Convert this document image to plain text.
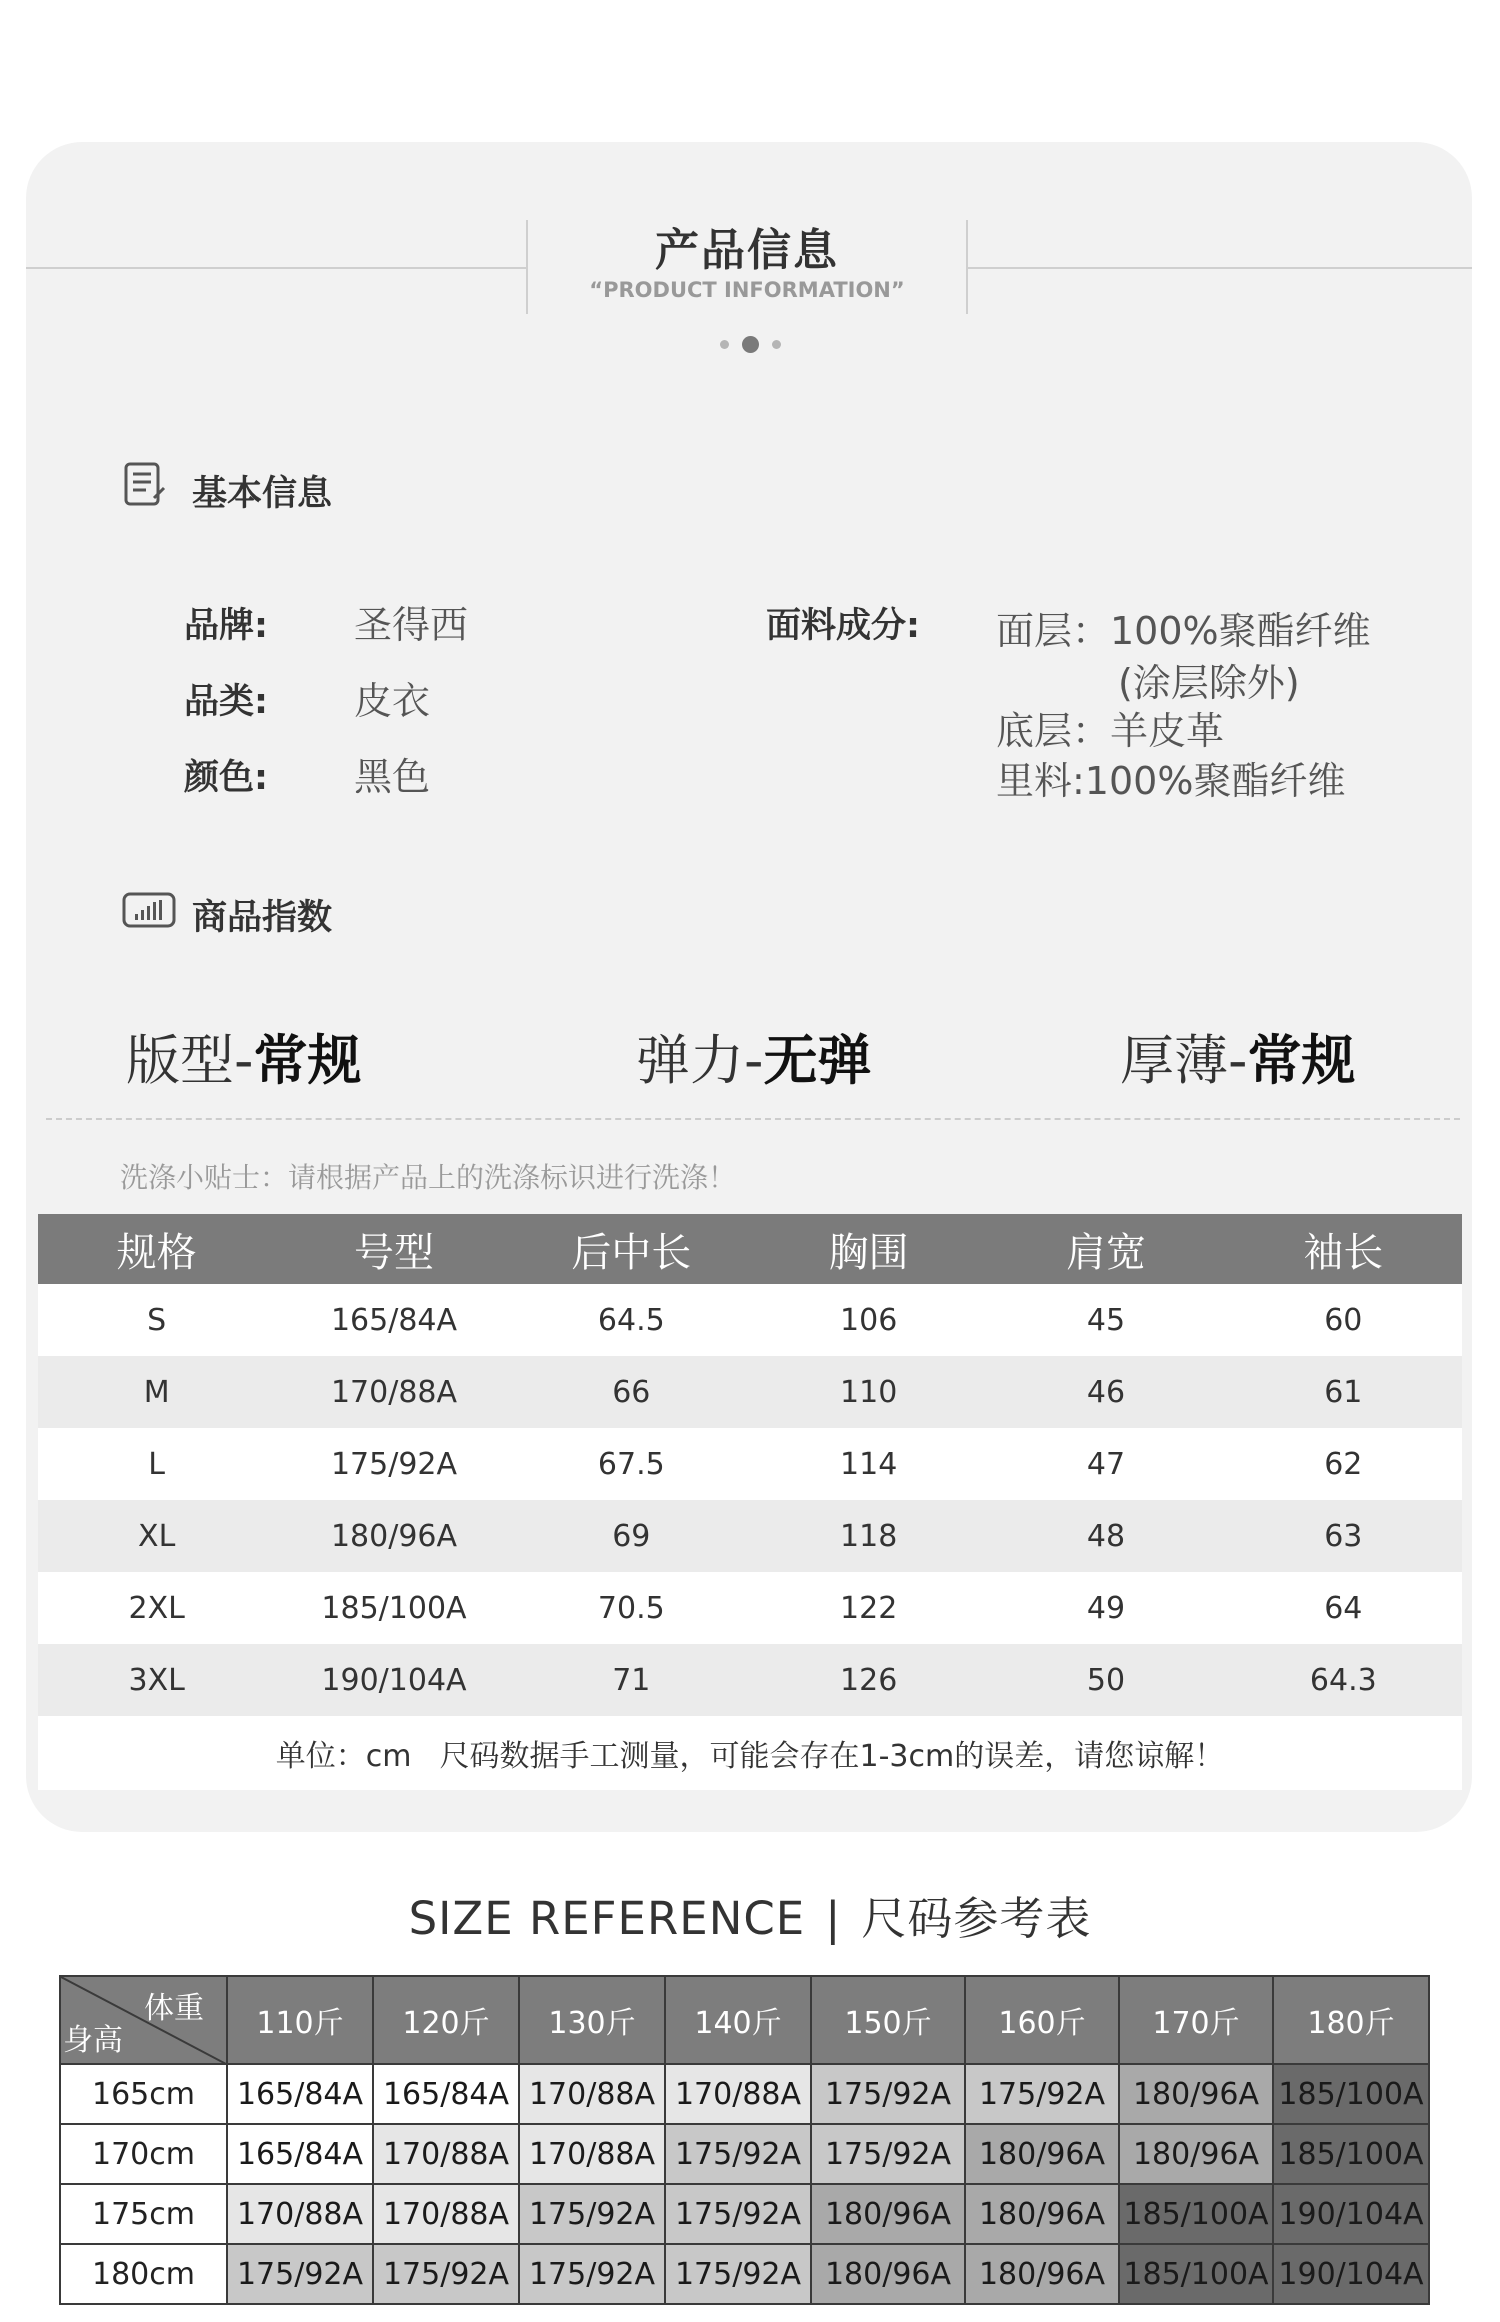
产品信息
“PRODUCT INFORMATION”
基本信息
品牌: 圣得西
品类: 皮衣
颜色: 黑色
面料成分: 面层：100%聚酯纤维
(涂层除外)
底层：羊皮革
里料:100%聚酯纤维
商品指数
版型-常规	弹力-无弹	厚薄-常规
洗涤小贴士：请根据产品上的洗涤标识进行洗涤！
规格	号型	后中长	胸围	肩宽	袖长
S	165/84A	64.5	106	45	60
M	170/88A	66	110	46	61
L	175/92A	67.5	114	47	62
XL	180/96A	69	118	48	63
2XL	185/100A	70.5	122	49	64
3XL	190/104A	71	126	50	64.3
单位：cm 尺码数据手工测量，可能会存在1-3cm的误差，请您谅解！					
SIZE REFERENCE | 尺码参考表
体重
身高	110斤	120斤	130斤	140斤	150斤	160斤	170斤	180斤
165cm	165/84A	165/84A	170/88A	170/88A	175/92A	175/92A	180/96A	185/100A
170cm	165/84A	170/88A	170/88A	175/92A	175/92A	180/96A	180/96A	185/100A
175cm	170/88A	170/88A	175/92A	175/92A	180/96A	180/96A	185/100A	190/104A
180cm	175/92A	175/92A	175/92A	175/92A	180/96A	180/96A	185/100A	190/104A
